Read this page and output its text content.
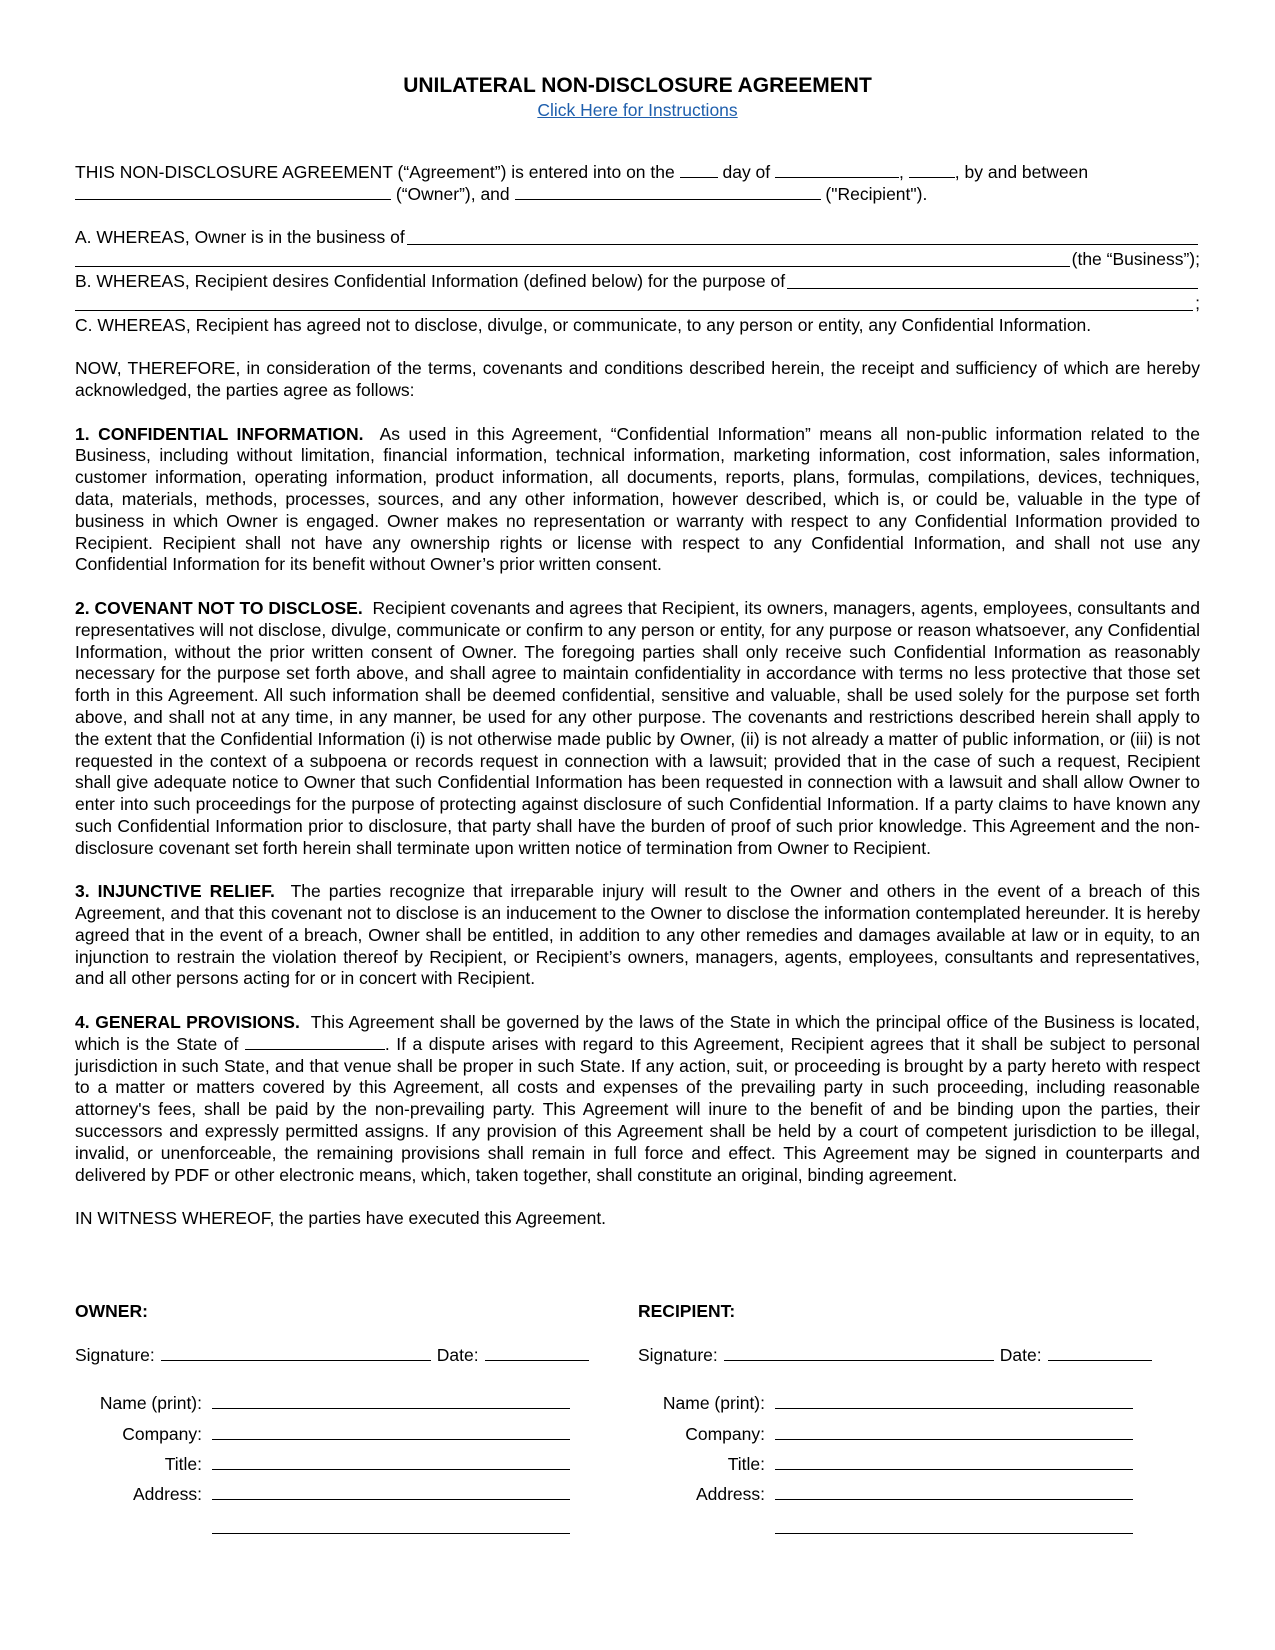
UNILATERAL NON-DISCLOSURE AGREEMENT
Click Here for Instructions

THIS NON-DISCLOSURE AGREEMENT (“Agreement”) is entered into on the	day of	,	, by and between

(“Owner”), and	("Recipient").

A. WHEREAS, Owner is in the business of
(the “Business”);
B. WHEREAS, Recipient desires Confidential Information (defined below) for the purpose of
;

C. WHEREAS, Recipient has agreed not to disclose, divulge, or communicate, to any person or entity, any Confidential Information.

NOW, THEREFORE, in consideration of the terms, covenants and conditions described herein, the receipt and sufficiency of which are hereby acknowledged, the parties agree as follows:

1. CONFIDENTIAL INFORMATION. As used in this Agreement, “Confidential Information” means all non-public information related to the Business, including without limitation, financial information, technical information, marketing information, cost information, sales information, customer information, operating information, product information, all documents, reports, plans, formulas, compilations, devices, techniques, data, materials, methods, processes, sources, and any other information, however described, which is, or could be, valuable in the type of business in which Owner is engaged. Owner makes no representation or warranty with respect to any Confidential Information provided to Recipient. Recipient shall not have any ownership rights or license with respect to any Confidential Information, and shall not use any Confidential Information for its benefit without Owner’s prior written consent.

2. COVENANT NOT TO DISCLOSE. Recipient covenants and agrees that Recipient, its owners, managers, agents, employees, consultants and representatives will not disclose, divulge, communicate or confirm to any person or entity, for any purpose or reason whatsoever, any Confidential Information, without the prior written consent of Owner. The foregoing parties shall only receive such Confidential Information as reasonably necessary for the purpose set forth above, and shall agree to maintain confidentiality in accordance with terms no less protective that those set forth in this Agreement. All such information shall be deemed confidential, sensitive and valuable, shall be used solely for the purpose set forth above, and shall not at any time, in any manner, be used for any other purpose. The covenants and restrictions described herein shall apply to the extent that the Confidential Information (i) is not otherwise made public by Owner, (ii) is not already a matter of public information, or (iii) is not requested in the context of a subpoena or records request in connection with a lawsuit; provided that in the case of such a request, Recipient shall give adequate notice to Owner that such Confidential Information has been requested in connection with a lawsuit and shall allow Owner to enter into such proceedings for the purpose of protecting against disclosure of such Confidential Information. If a party claims to have known any such Confidential Information prior to disclosure, that party shall have the burden of proof of such prior knowledge. This Agreement and the non-disclosure covenant set forth herein shall terminate upon written notice of termination from Owner to Recipient.

3. INJUNCTIVE RELIEF. The parties recognize that irreparable injury will result to the Owner and others in the event of a breach of this Agreement, and that this covenant not to disclose is an inducement to the Owner to disclose the information contemplated hereunder. It is hereby agreed that in the event of a breach, Owner shall be entitled, in addition to any other remedies and damages available at law or in equity, to an injunction to restrain the violation thereof by Recipient, or Recipient’s owners, managers, agents, employees, consultants and representatives, and all other persons acting for or in concert with Recipient.

4. GENERAL PROVISIONS. This Agreement shall be governed by the laws of the State in which the principal office of the Business is located, which is the State of	. If a dispute arises with regard to this Agreement, Recipient agrees that it shall be subject to personal jurisdiction in such State, and that venue shall be proper in such State. If any action, suit, or proceeding is brought by a party hereto with respect to a matter or matters covered by this Agreement, all costs and expenses of the prevailing party in such proceeding, including reasonable attorney's fees, shall be paid by the non-prevailing party. This Agreement will inure to the benefit of and be binding upon the parties, their successors and expressly permitted assigns. If any provision of this Agreement shall be held by a court of competent jurisdiction to be illegal, invalid, or unenforceable, the remaining provisions shall remain in full force and effect. This Agreement may be signed in counterparts and delivered by PDF or other electronic means, which, taken together, shall constitute an original, binding agreement.

IN WITNESS WHEREOF, the parties have executed this Agreement.

OWNER:
Signature:	Date:
Name (print):
Company:
Title:
Address:
RECIPIENT:
Signature:	Date:
Name (print):
Company:
Title:
Address:
